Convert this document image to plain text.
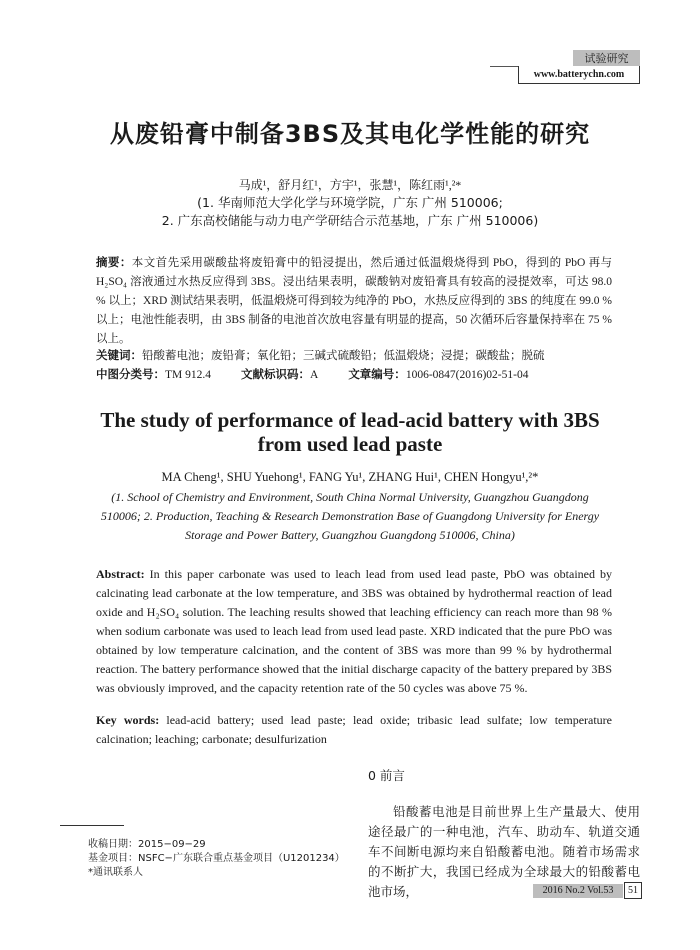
试验研究
www.batterychn.com
从废铅膏中制备3BS及其电化学性能的研究
马成¹，舒月红¹，方宇¹，张慧¹，陈红雨¹,²*
(1. 华南师范大学化学与环境学院，广东 广州 510006;
2. 广东高校储能与动力电产学研结合示范基地，广东 广州 510006)
摘要：本文首先采用碳酸盐将废铅膏中的铅浸提出，然后通过低温煅烧得到 PbO，得到的 PbO 再与 H₂SO₄ 溶液通过水热反应得到 3BS。浸出结果表明，碳酸钠对废铅膏具有较高的浸提效率，可达 98.0 % 以上；XRD 测试结果表明，低温煅烧可得到较为纯净的 PbO，水热反应得到的 3BS 的纯度在 99.0 % 以上；电池性能表明，由 3BS 制备的电池首次放电容量有明显的提高，50 次循环后容量保持率在 75 % 以上。
关键词：铅酸蓄电池；废铅膏；氧化铅；三碱式硫酸铅；低温煅烧；浸提；碳酸盐；脱硫
中图分类号：TM 912.4	文献标识码：A	文章编号：1006-0847(2016)02-51-04
The study of performance of lead-acid battery with 3BS from used lead paste
MA Cheng¹, SHU Yuehong¹, FANG Yu¹, ZHANG Hui¹, CHEN Hongyu¹,²*
(1. School of Chemistry and Environment, South China Normal University, Guangzhou Guangdong 510006; 2. Production, Teaching & Research Demonstration Base of Guangdong University for Energy Storage and Power Battery, Guangzhou Guangdong 510006, China)
Abstract: In this paper carbonate was used to leach lead from used lead paste, PbO was obtained by calcinating lead carbonate at the low temperature, and 3BS was obtained by hydrothermal reaction of lead oxide and H₂SO₄ solution. The leaching results showed that leaching efficiency can reach more than 98 % when sodium carbonate was used to leach lead from used lead paste. XRD indicated that the pure PbO was obtained by low temperature calcination, and the content of 3BS was more than 99 % by hydrothermal reaction. The battery performance showed that the initial discharge capacity of the battery prepared by 3BS was obviously improved, and the capacity retention rate of the 50 cycles was above 75 %.
Key words: lead-acid battery; used lead paste; lead oxide; tribasic lead sulfate; low temperature calcination; leaching; carbonate; desulfurization
0 前言
铅酸蓄电池是目前世界上生产量最大、使用途径最广的一种电池，汽车、助动车、轨道交通车不间断电源均来自铅酸蓄电池。随着市场需求的不断扩大，我国已经成为全球最大的铅酸蓄电池市场，
收稿日期：2015−09−29
基金项目：NSFC−广东联合重点基金项目（U1201234）
*通讯联系人
2016 No.2 Vol.53	51
